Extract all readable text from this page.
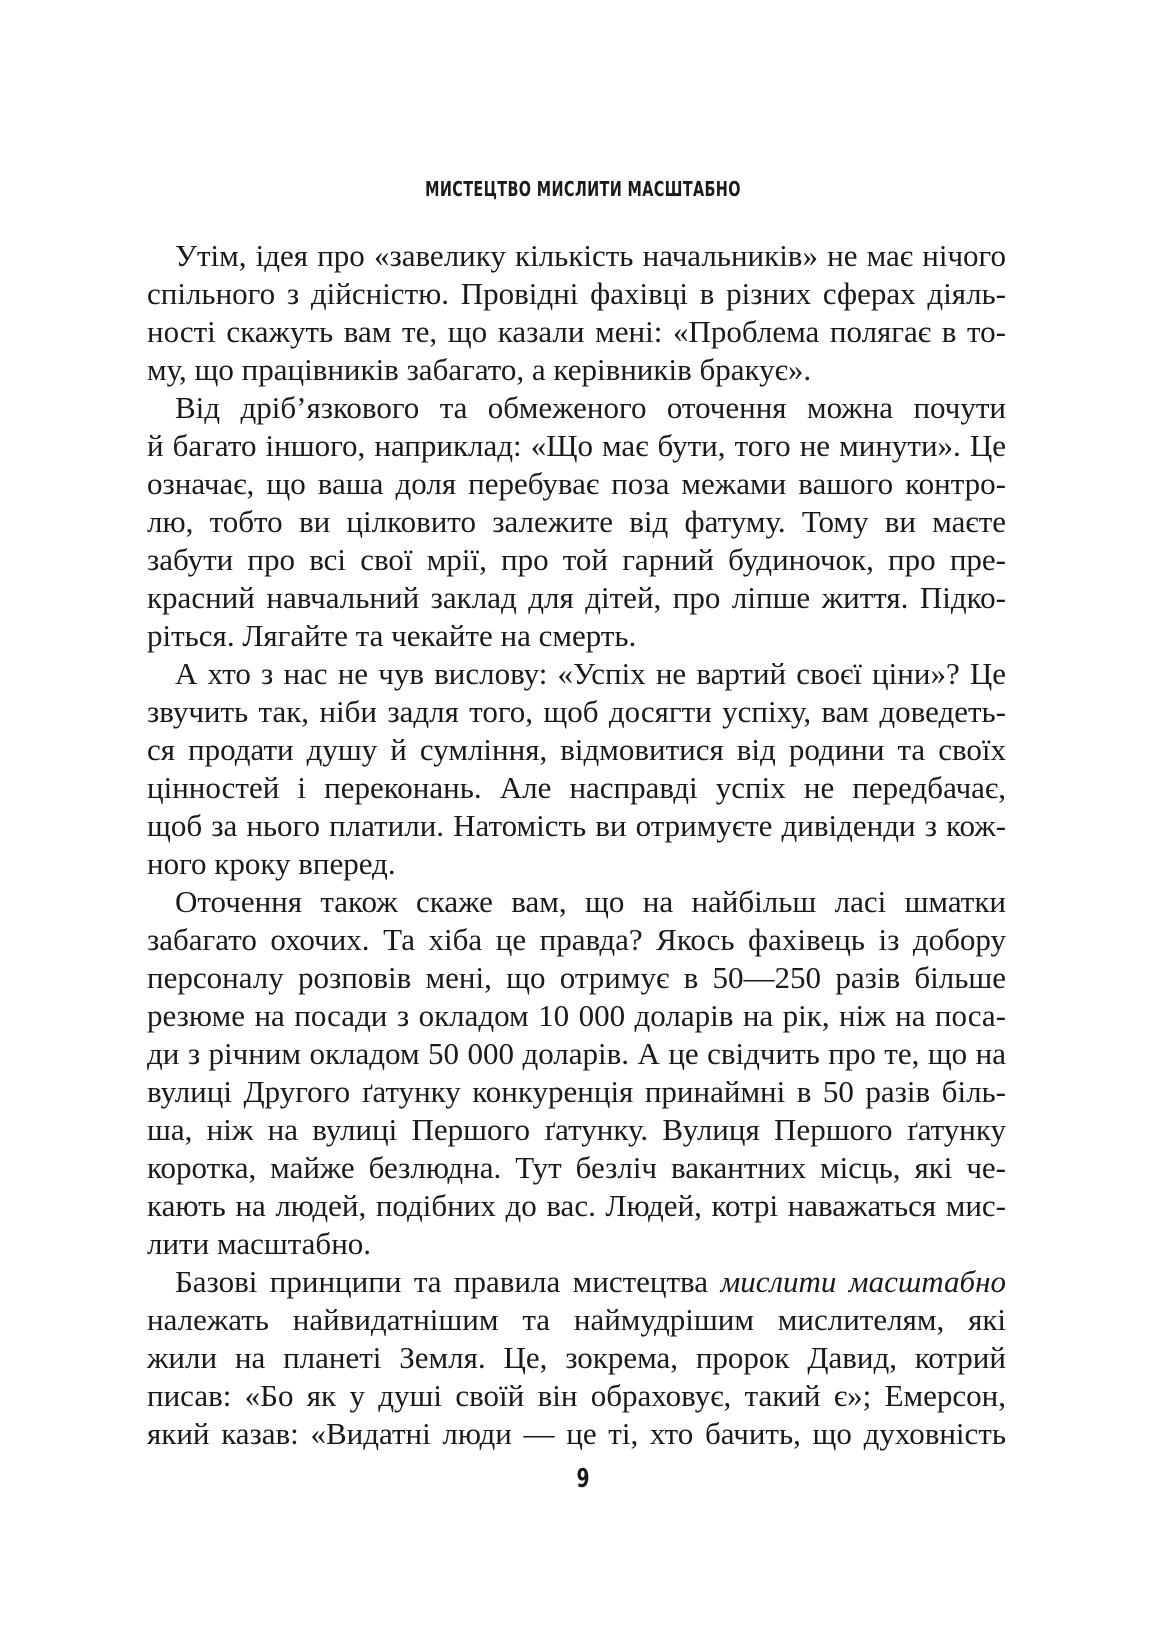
МИСТЕЦТВО МИСЛИТИ МАСШТАБНО
Утім, ідея про «завелику кількість начальників» не має нічого
спільного з дійсністю. Провідні фахівці в різних сферах діяль-
ності скажуть вам те, що казали мені: «Проблема полягає в то-
му, що працівників забагато, а керівників бракує».
Від дріб’язкового та обмеженого оточення можна почути
й багато іншого, наприклад: «Що має бути, того не минути». Це
означає, що ваша доля перебуває поза межами вашого контро-
лю, тобто ви цілковито залежите від фатуму. Тому ви маєте
забути про всі свої мрії, про той гарний будиночок, про пре-
красний навчальний заклад для дітей, про ліпше життя. Підко-
ріться. Лягайте та чекайте на смерть.
А хто з нас не чув вислову: «Успіх не вартий своєї ціни»? Це
звучить так, ніби задля того, щоб досягти успіху, вам доведеть-
ся продати душу й сумління, відмовитися від родини та своїх
цінностей і переконань. Але насправді успіх не передбачає,
щоб за нього платили. Натомість ви отримуєте дивіденди з кож-
ного кроку вперед.
Оточення також скаже вам, що на найбільш ласі шматки
забагато охочих. Та хіба це правда? Якось фахівець із добору
персоналу розповів мені, що отримує в 50—250 разів більше
резюме на посади з окладом 10 000 доларів на рік, ніж на поса-
ди з річним окладом 50 000 доларів. А це свідчить про те, що на
вулиці Другого ґатунку конкуренція принаймні в 50 разів біль-
ша, ніж на вулиці Першого ґатунку. Вулиця Першого ґатунку
коротка, майже безлюдна. Тут безліч вакантних місць, які че-
кають на людей, подібних до вас. Людей, котрі наважаться мис-
лити масштабно.
Базові принципи та правила мистецтва мислити масштабно
належать найвидатнішим та наймудрішим мислителям, які
жили на планеті Земля. Це, зокрема, пророк Давид, котрий
писав: «Бо як у душі своїй він обраховує, такий є»; Емерсон,
який казав: «Видатні люди — це ті, хто бачить, що духовність
9
